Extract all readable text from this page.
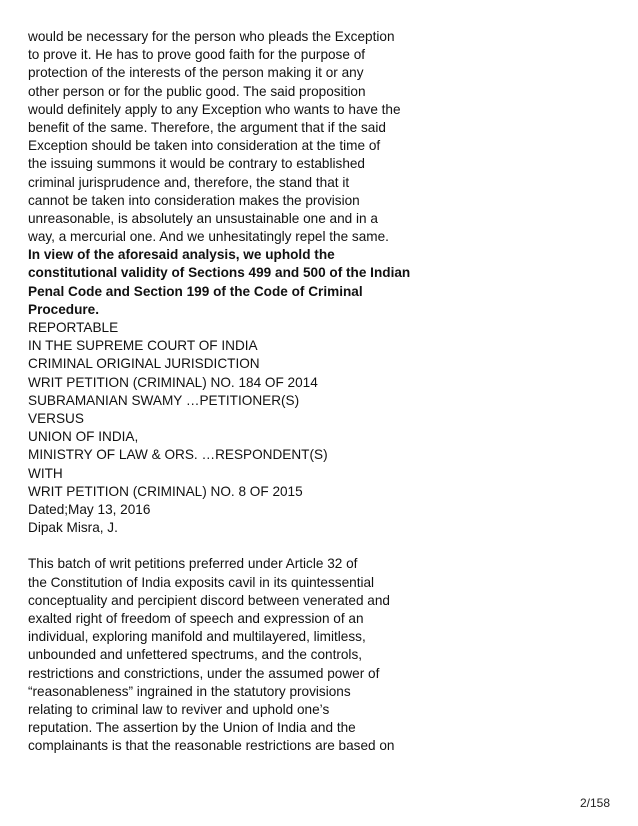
would be necessary for the person who pleads the Exception
to prove it. He has to prove good faith for the purpose of
protection of the interests of the person making it or any
other person or for the public good. The said proposition
would definitely apply to any Exception who wants to have the
benefit of the same. Therefore, the argument that if the said
Exception should be taken into consideration at the time of
the issuing summons it would be contrary to established
criminal jurisprudence and, therefore, the stand that it
cannot be taken into consideration makes the provision
unreasonable, is absolutely an unsustainable one and in a
way, a mercurial one. And we unhesitatingly repel the same.
In view of the aforesaid analysis, we uphold the
constitutional validity of Sections 499 and 500 of the Indian
Penal Code and Section 199 of the Code of Criminal
Procedure.
REPORTABLE
IN THE SUPREME COURT OF INDIA
CRIMINAL ORIGINAL JURISDICTION
WRIT PETITION (CRIMINAL) NO. 184 OF 2014
SUBRAMANIAN SWAMY …PETITIONER(S)
VERSUS
UNION OF INDIA,
MINISTRY OF LAW & ORS. …RESPONDENT(S)
WITH
WRIT PETITION (CRIMINAL) NO. 8 OF 2015
Dated;May 13, 2016
Dipak Misra, J.
This batch of writ petitions preferred under Article 32 of
the Constitution of India exposits cavil in its quintessential
conceptuality and percipient discord between venerated and
exalted right of freedom of speech and expression of an
individual, exploring manifold and multilayered, limitless,
unbounded and unfettered spectrums, and the controls,
restrictions and constrictions, under the assumed power of
“reasonableness” ingrained in the statutory provisions
relating to criminal law to reviver and uphold one’s
reputation. The assertion by the Union of India and the
complainants is that the reasonable restrictions are based on
2/158
